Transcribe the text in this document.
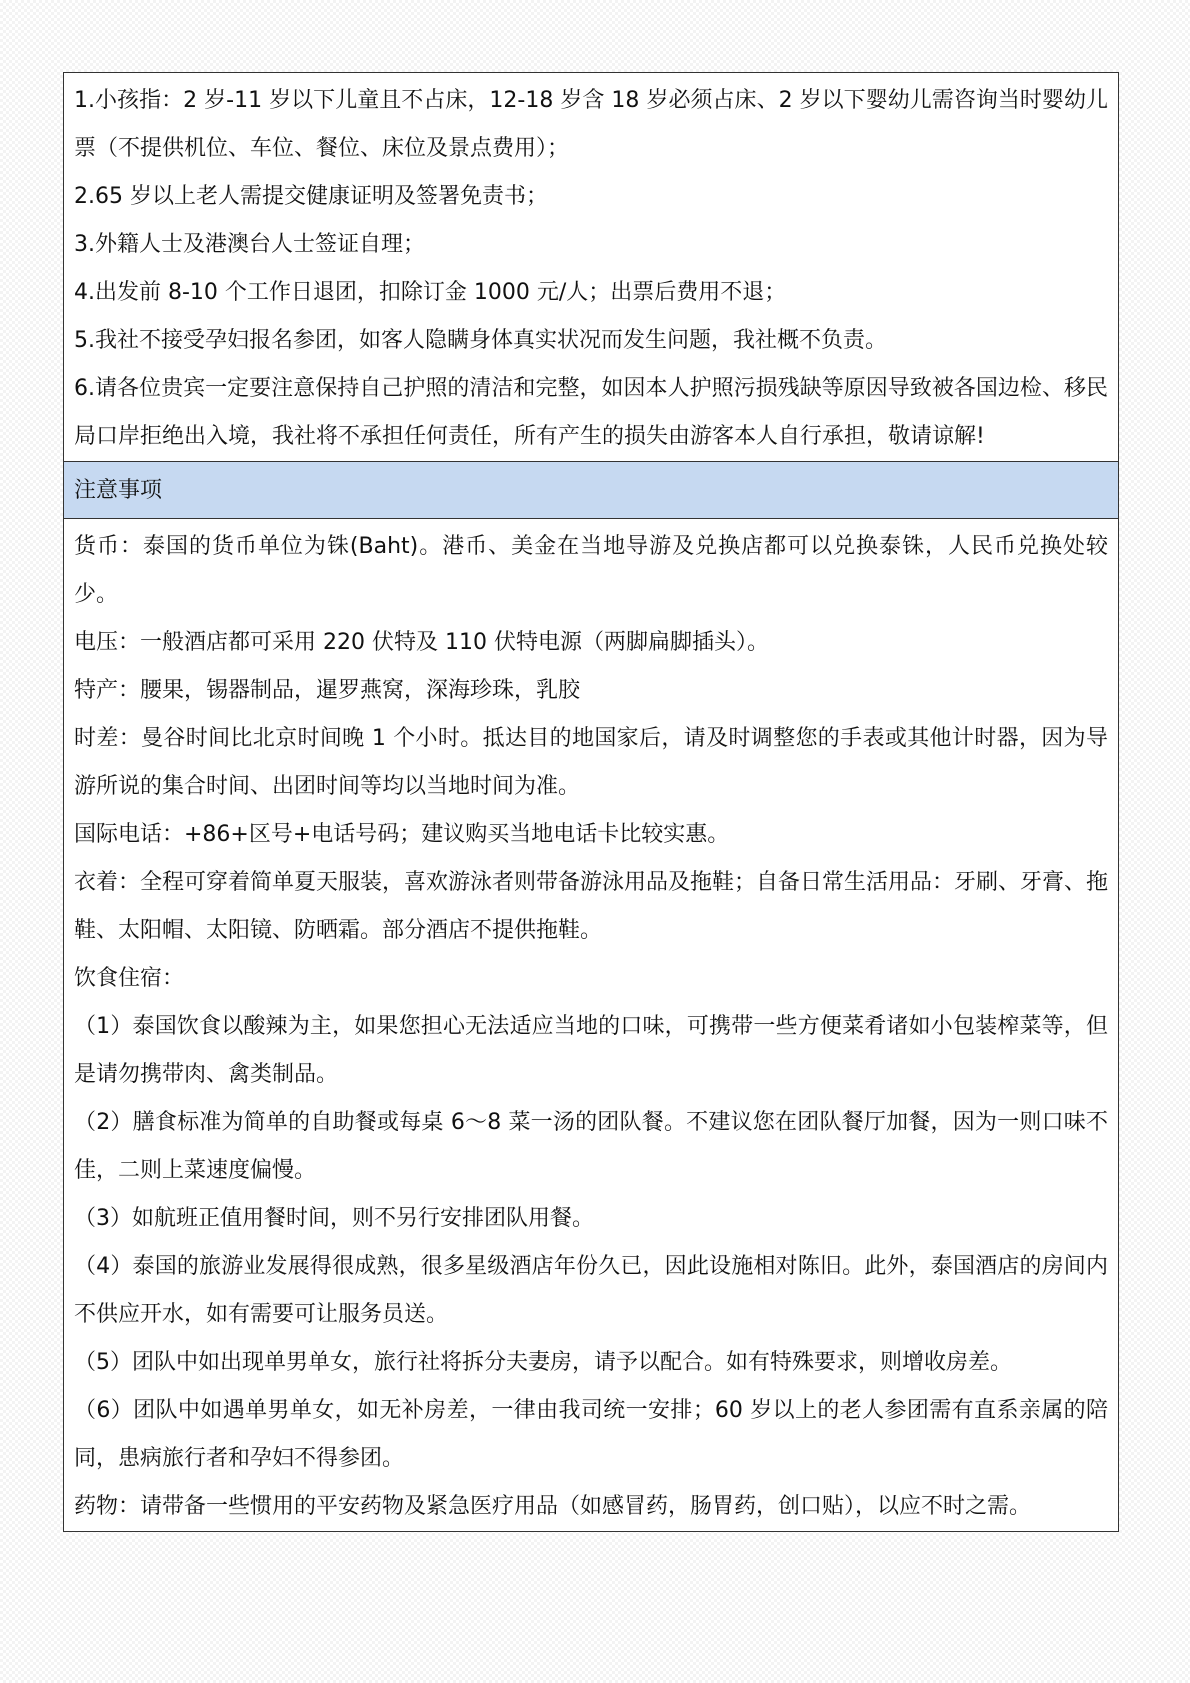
1.小孩指：2 岁-11 岁以下儿童且不占床，12-18 岁含 18 岁必须占床、2 岁以下婴幼儿需咨询当时婴幼儿票（不提供机位、车位、餐位、床位及景点费用）；

2.65 岁以上老人需提交健康证明及签署免责书；

3.外籍人士及港澳台人士签证自理；

4.出发前 8-10 个工作日退团，扣除订金 1000 元/人；出票后费用不退；

5.我社不接受孕妇报名参团，如客人隐瞒身体真实状况而发生问题，我社概不负责。

6.请各位贵宾一定要注意保持自己护照的清洁和完整，如因本人护照污损残缺等原因导致被各国边检、移民局口岸拒绝出入境，我社将不承担任何责任，所有产生的损失由游客本人自行承担，敬请谅解!

注意事项

货币：泰国的货币单位为铢(Baht)。港币、美金在当地导游及兑换店都可以兑换泰铢，人民币兑换处较少。

电压：一般酒店都可采用 220 伏特及 110 伏特电源（两脚扁脚插头）。

特产：腰果，锡器制品，暹罗燕窝，深海珍珠，乳胶

时差：曼谷时间比北京时间晚 1 个小时。抵达目的地国家后，请及时调整您的手表或其他计时器，因为导游所说的集合时间、出团时间等均以当地时间为准。

国际电话：+86+区号+电话号码；建议购买当地电话卡比较实惠。

衣着：全程可穿着简单夏天服装，喜欢游泳者则带备游泳用品及拖鞋；自备日常生活用品：牙刷、牙膏、拖鞋、太阳帽、太阳镜、防晒霜。部分酒店不提供拖鞋。

饮食住宿：

（1）泰国饮食以酸辣为主，如果您担心无法适应当地的口味，可携带一些方便菜肴诸如小包装榨菜等，但是请勿携带肉、禽类制品。

（2）膳食标准为简单的自助餐或每桌 6～8 菜一汤的团队餐。不建议您在团队餐厅加餐，因为一则口味不佳，二则上菜速度偏慢。

（3）如航班正值用餐时间，则不另行安排团队用餐。

（4）泰国的旅游业发展得很成熟，很多星级酒店年份久已，因此设施相对陈旧。此外，泰国酒店的房间内不供应开水，如有需要可让服务员送。

（5）团队中如出现单男单女，旅行社将拆分夫妻房，请予以配合。如有特殊要求，则增收房差。

（6）团队中如遇单男单女，如无补房差，一律由我司统一安排；60 岁以上的老人参团需有直系亲属的陪同，患病旅行者和孕妇不得参团。

药物：请带备一些惯用的平安药物及紧急医疗用品（如感冒药，肠胃药，创口贴），以应不时之需。
